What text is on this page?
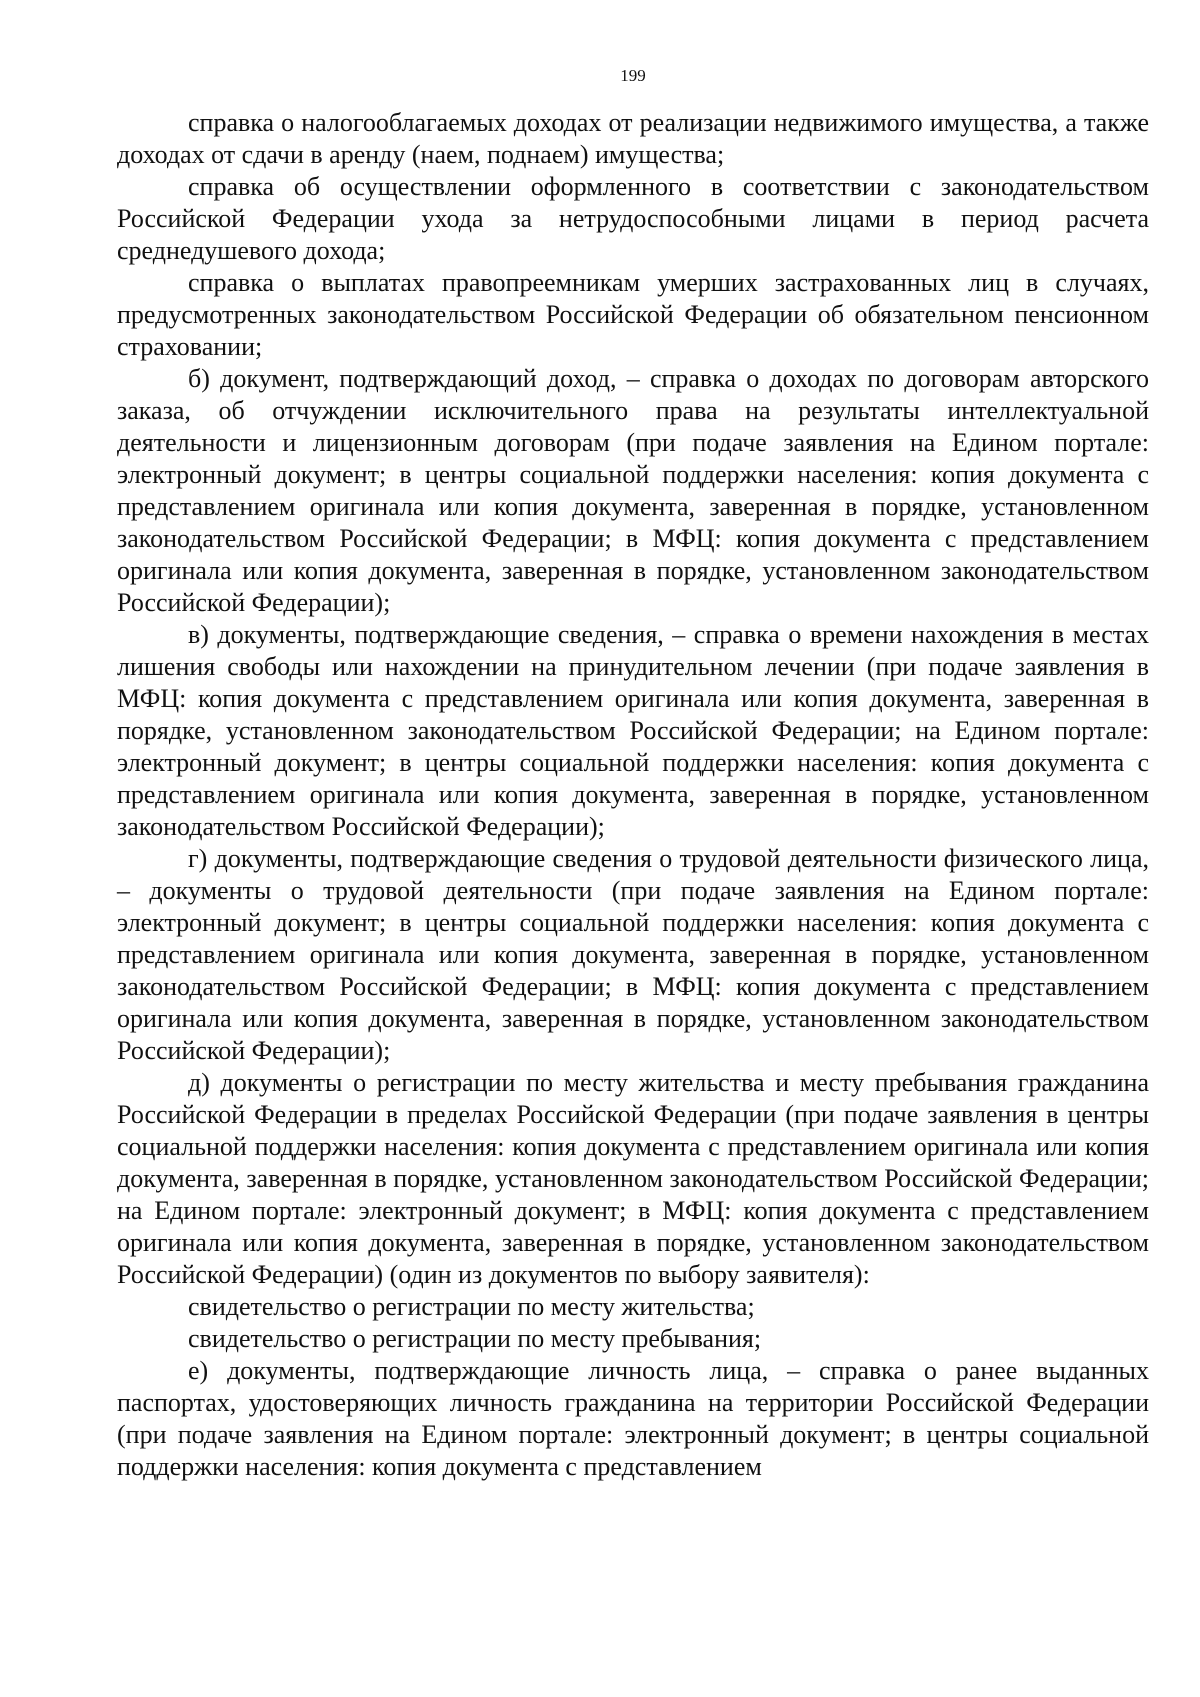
199

справка о налогооблагаемых доходах от реализации недвижимого имущества, а также доходах от сдачи в аренду (наем, поднаем) имущества;

справка об осуществлении оформленного в соответствии с законодательством Российской Федерации ухода за нетрудоспособными лицами в период расчета среднедушевого дохода;

справка о выплатах правопреемникам умерших застрахованных лиц в случаях, предусмотренных законодательством Российской Федерации об обязательном пенсионном страховании;

б) документ, подтверждающий доход, – справка о доходах по договорам авторского заказа, об отчуждении исключительного права на результаты интеллектуальной деятельности и лицензионным договорам (при подаче заявления на Едином портале: электронный документ; в центры социальной поддержки населения: копия документа с представлением оригинала или копия документа, заверенная в порядке, установленном законодательством Российской Федерации; в МФЦ: копия документа с представлением оригинала или копия документа, заверенная в порядке, установленном законодательством Российской Федерации);

в) документы, подтверждающие сведения, – справка о времени нахождения в местах лишения свободы или нахождении на принудительном лечении (при подаче заявления в МФЦ: копия документа с представлением оригинала или копия документа, заверенная в порядке, установленном законодательством Российской Федерации; на Едином портале: электронный документ; в центры социальной поддержки населения: копия документа с представлением оригинала или копия документа, заверенная в порядке, установленном законодательством Российской Федерации);

г) документы, подтверждающие сведения о трудовой деятельности физического лица, – документы о трудовой деятельности (при подаче заявления на Едином портале: электронный документ; в центры социальной поддержки населения: копия документа с представлением оригинала или копия документа, заверенная в порядке, установленном законодательством Российской Федерации; в МФЦ: копия документа с представлением оригинала или копия документа, заверенная в порядке, установленном законодательством Российской Федерации);

д) документы о регистрации по месту жительства и месту пребывания гражданина Российской Федерации в пределах Российской Федерации (при подаче заявления в центры социальной поддержки населения: копия документа с представлением оригинала или копия документа, заверенная в порядке, установленном законодательством Российской Федерации; на Едином портале: электронный документ; в МФЦ: копия документа с представлением оригинала или копия документа, заверенная в порядке, установленном законодательством Российской Федерации) (один из документов по выбору заявителя):

свидетельство о регистрации по месту жительства;

свидетельство о регистрации по месту пребывания;

е) документы, подтверждающие личность лица, – справка о ранее выданных паспортах, удостоверяющих личность гражданина на территории Российской Федерации (при подаче заявления на Едином портале: электронный документ; в центры социальной поддержки населения: копия документа с представлением
